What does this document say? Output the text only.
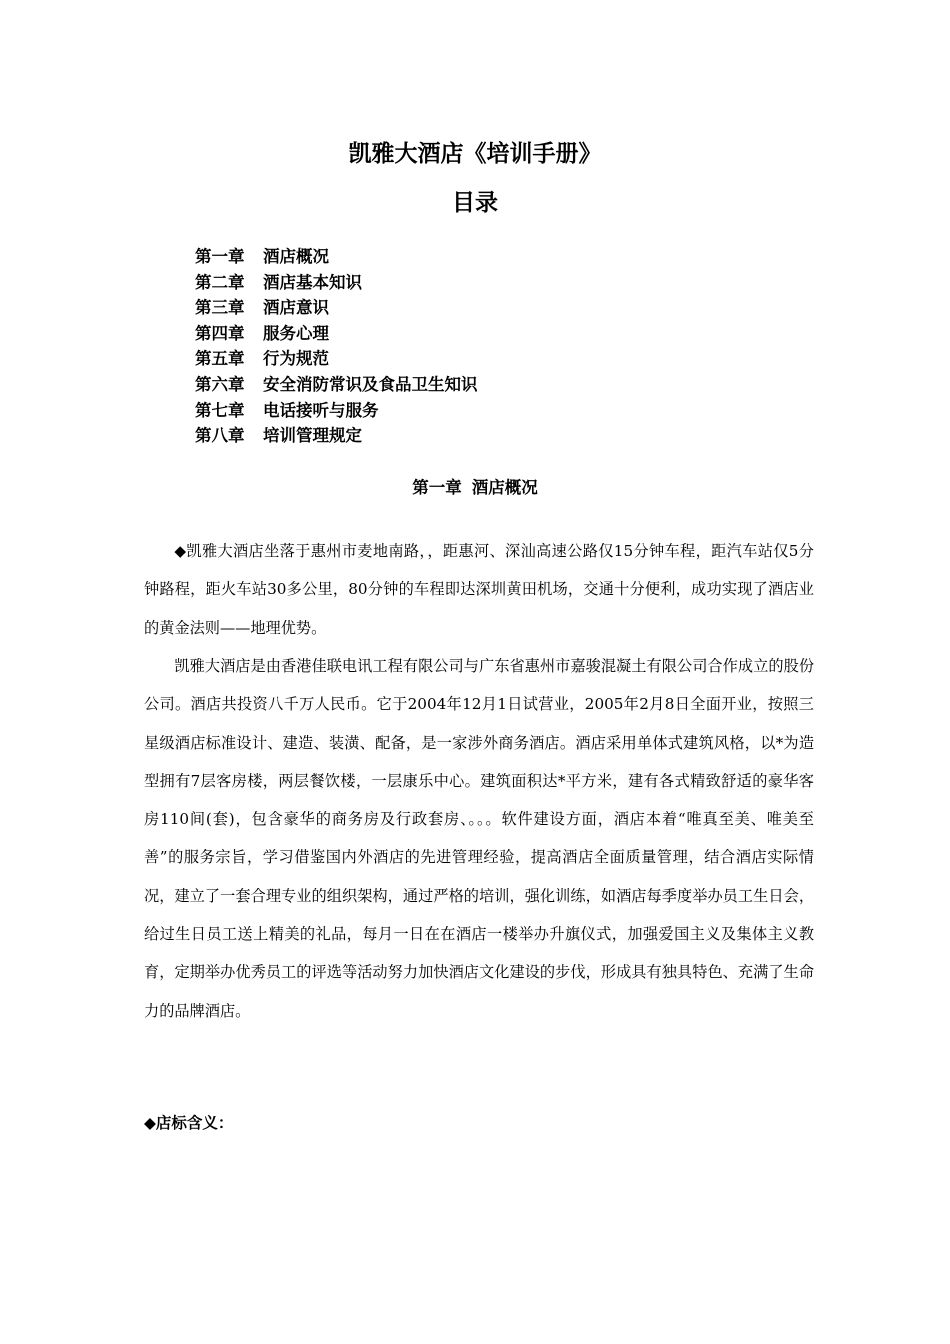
凯雅大酒店《培训手册》
目录
第一章 酒店概况
第二章 酒店基本知识
第三章 酒店意识
第四章 服务心理
第五章 行为规范
第六章 安全消防常识及食品卫生知识
第七章 电话接听与服务
第八章 培训管理规定
第一章 酒店概况

◆凯雅大酒店坐落于惠州市麦地南路，，距惠河、深汕高速公路仅15分钟车程，距汽车站仅5分钟路程，距火车站30多公里，80分钟的车程即达深圳黄田机场，交通十分便利，成功实现了酒店业的黄金法则——地理优势。

凯雅大酒店是由香港佳联电讯工程有限公司与广东省惠州市嘉骏混凝土有限公司合作成立的股份公司。酒店共投资八千万人民币。它于2004年12月1日试营业，2005年2月8日全面开业，按照三星级酒店标准设计、建造、装潢、配备，是一家涉外商务酒店。酒店采用单体式建筑风格，以*为造型拥有7层客房楼，两层餐饮楼，一层康乐中心。建筑面积达*平方米，建有各式精致舒适的豪华客房110间(套)，包含豪华的商务房及行政套房、。。。软件建设方面，酒店本着“唯真至美、唯美至善”的服务宗旨，学习借鉴国内外酒店的先进管理经验，提高酒店全面质量管理，结合酒店实际情况，建立了一套合理专业的组织架构，通过严格的培训，强化训练，如酒店每季度举办员工生日会，给过生日员工送上精美的礼品，每月一日在在酒店一楼举办升旗仪式，加强爱国主义及集体主义教育，定期举办优秀员工的评选等活动努力加快酒店文化建设的步伐，形成具有独具特色、充满了生命力的品牌酒店。

◆店标含义：
